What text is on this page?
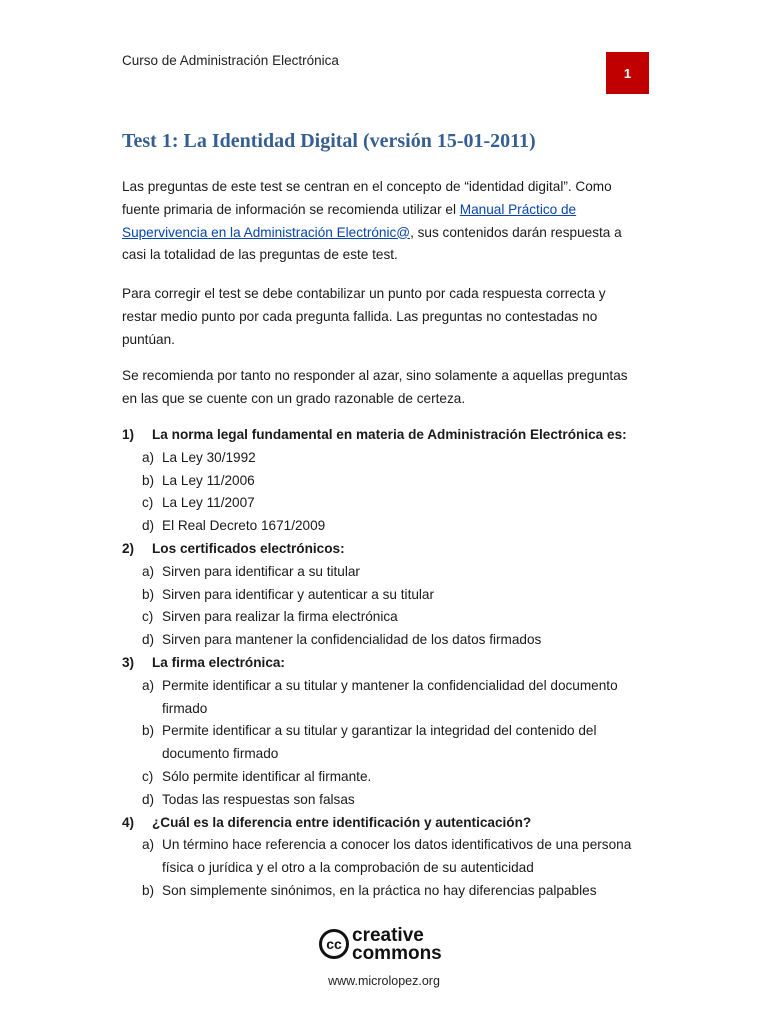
Curso de Administración Electrónica
1
Test 1: La Identidad Digital (versión 15-01-2011)

Las preguntas de este test se centran en el concepto de “identidad digital”. Como fuente primaria de información se recomienda utilizar el Manual Práctico de Supervivencia en la Administración Electrónic@, sus contenidos darán respuesta a casi la totalidad de las preguntas de este test.

Para corregir el test se debe contabilizar un punto por cada respuesta correcta y restar medio punto por cada pregunta fallida. Las preguntas no contestadas no puntúan.

Se recomienda por tanto no responder al azar, sino solamente a aquellas preguntas en las que se cuente con un grado razonable de certeza.

1)	La norma legal fundamental en materia de Administración Electrónica es:
a) La Ley 30/1992
b) La Ley 11/2006
c) La Ley 11/2007
d) El Real Decreto 1671/2009
2)	Los certificados electrónicos:
a) Sirven para identificar a su titular
b) Sirven para identificar y autenticar a su titular
c) Sirven para realizar la firma electrónica
d) Sirven para mantener la confidencialidad de los datos firmados
3)	La firma electrónica:
a) Permite identificar a su titular y mantener la confidencialidad del documento firmado
b) Permite identificar a su titular y garantizar la integridad del contenido del documento firmado
c) Sólo permite identificar al firmante.
d) Todas las respuestas son falsas
4)	¿Cuál es la diferencia entre identificación y autenticación?
a) Un término hace referencia a conocer los datos identificativos de una persona física o jurídica y el otro a la comprobación de su autenticidad
b) Son simplemente sinónimos, en la práctica no hay diferencias palpables
cc creative
commons
www.microlopez.org
